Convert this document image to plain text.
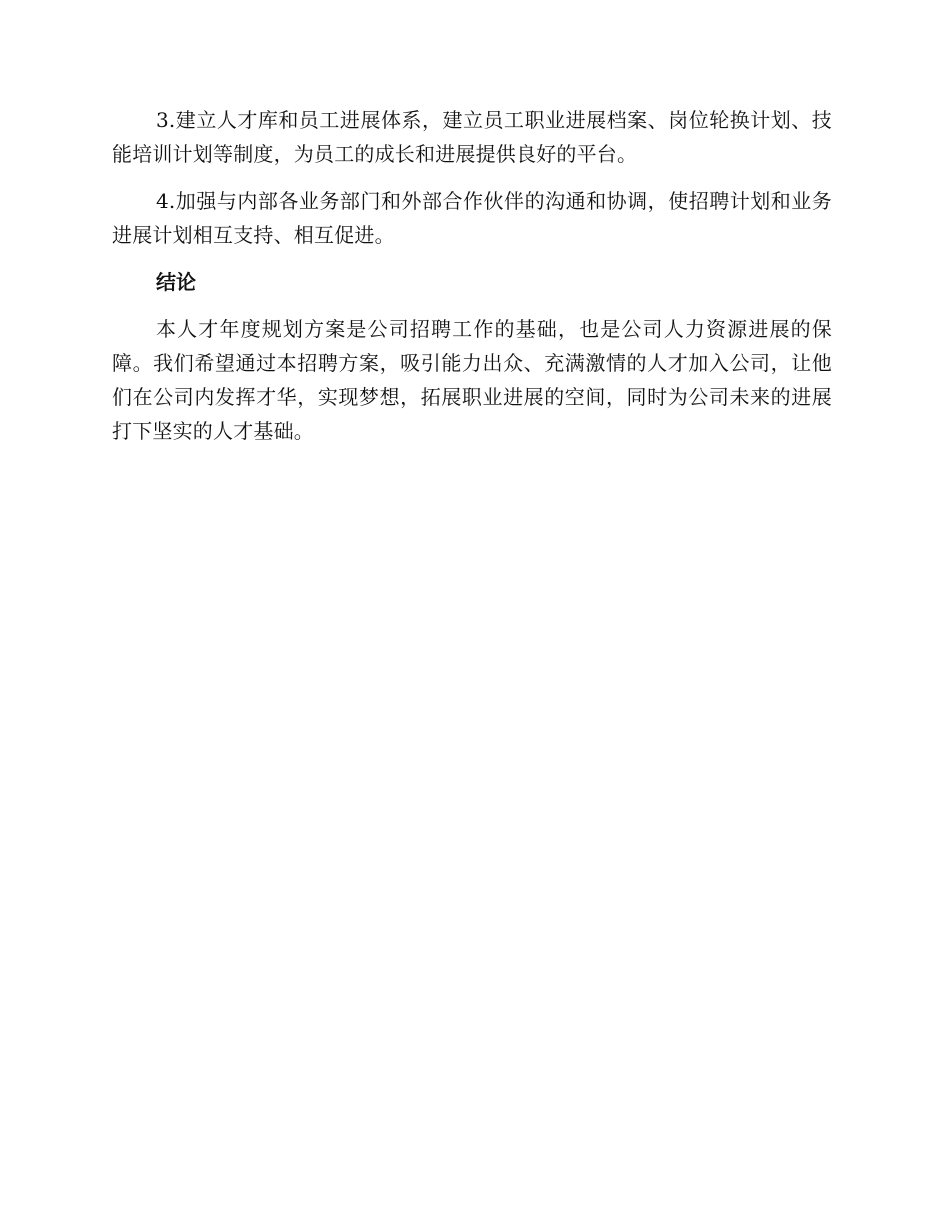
3.建立人才库和员工进展体系，建立员工职业进展档案、岗位轮换计划、技能培训计划等制度，为员工的成长和进展提供良好的平台。

4.加强与内部各业务部门和外部合作伙伴的沟通和协调，使招聘计划和业务进展计划相互支持、相互促进。

结论

本人才年度规划方案是公司招聘工作的基础，也是公司人力资源进展的保障。我们希望通过本招聘方案，吸引能力出众、充满激情的人才加入公司，让他们在公司内发挥才华，实现梦想，拓展职业进展的空间，同时为公司未来的进展打下坚实的人才基础。
